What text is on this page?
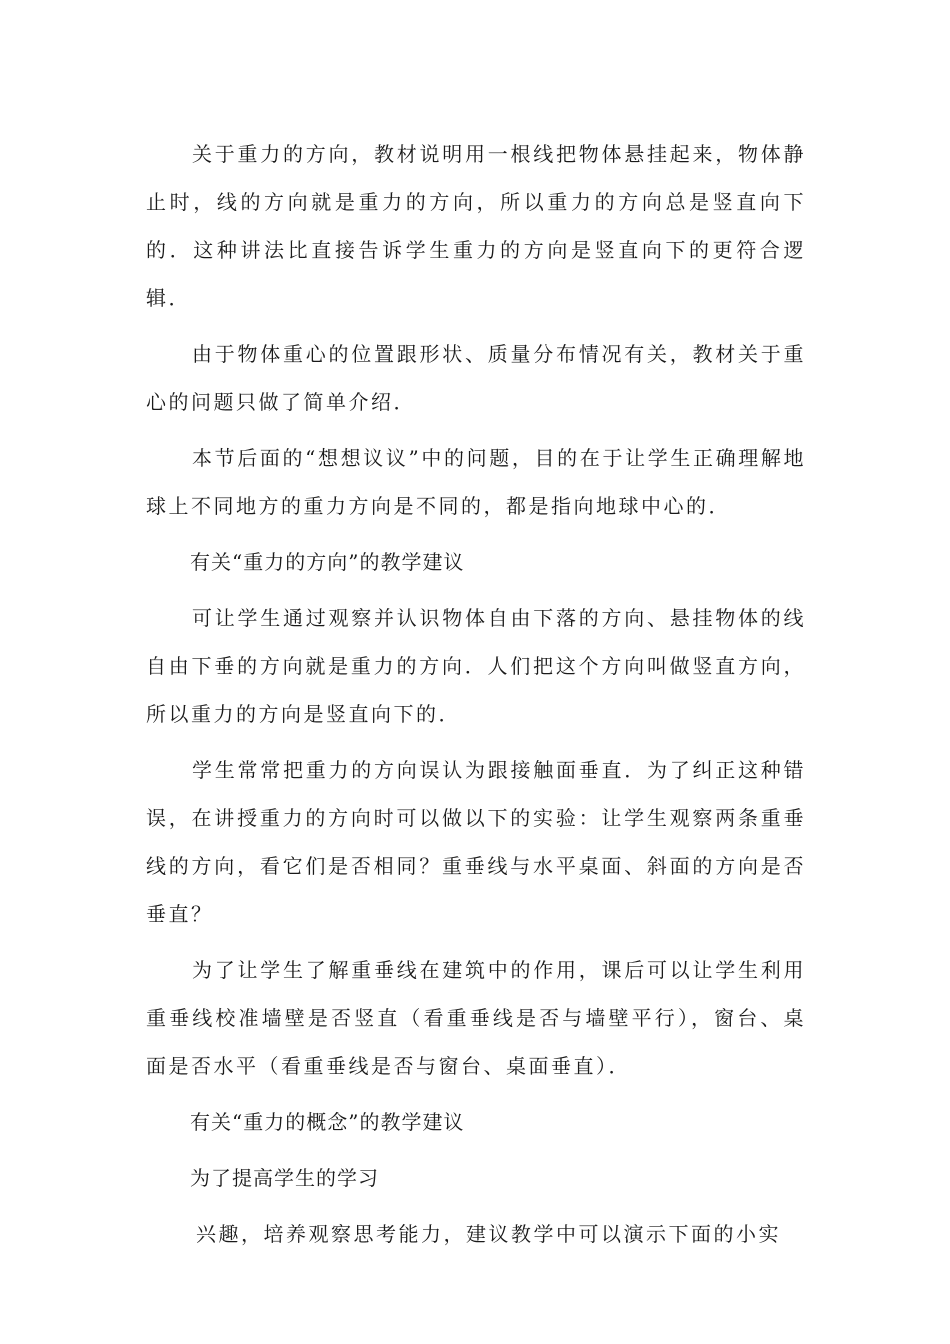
关于重力的方向，教材说明用一根线把物体悬挂起来，物体静止时，线的方向就是重力的方向，所以重力的方向总是竖直向下的．这种讲法比直接告诉学生重力的方向是竖直向下的更符合逻辑．

由于物体重心的位置跟形状、质量分布情况有关，教材关于重心的问题只做了简单介绍．

本节后面的“想想议议”中的问题，目的在于让学生正确理解地球上不同地方的重力方向是不同的，都是指向地球中心的．

有关“重力的方向”的教学建议

可让学生通过观察并认识物体自由下落的方向、悬挂物体的线自由下垂的方向就是重力的方向．人们把这个方向叫做竖直方向，所以重力的方向是竖直向下的．

学生常常把重力的方向误认为跟接触面垂直．为了纠正这种错误，在讲授重力的方向时可以做以下的实验：让学生观察两条重垂线的方向，看它们是否相同？重垂线与水平桌面、斜面的方向是否垂直？

为了让学生了解重垂线在建筑中的作用，课后可以让学生利用重垂线校准墙壁是否竖直（看重垂线是否与墙壁平行），窗台、桌面是否水平（看重垂线是否与窗台、桌面垂直）．

有关“重力的概念”的教学建议

为了提高学生的学习

兴趣，培养观察思考能力，建议教学中可以演示下面的小实
